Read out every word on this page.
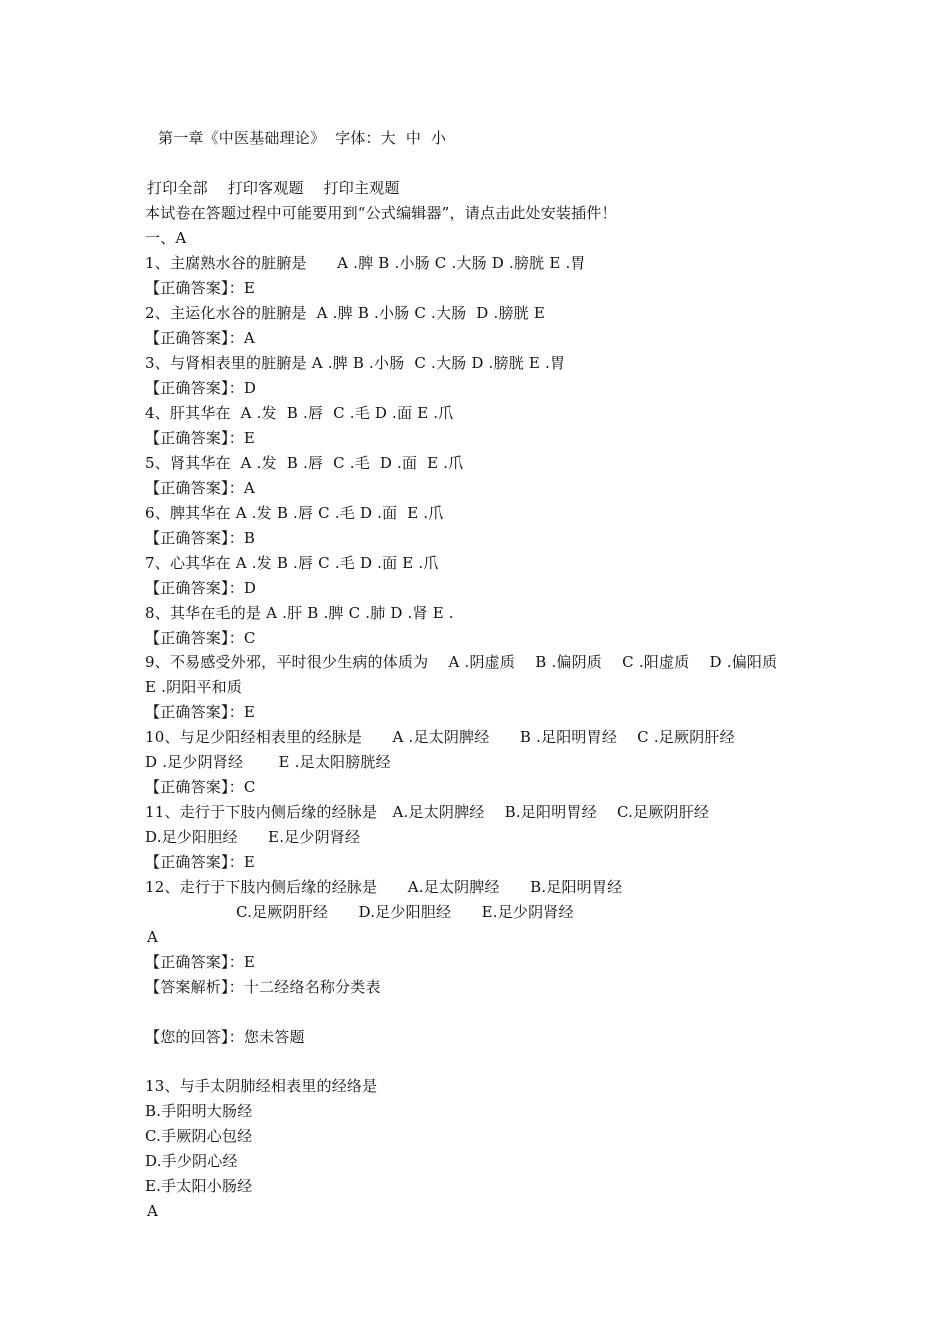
第一章《中医基础理论》 字体：大 中 小
打印全部 打印客观题 打印主观题
本试卷在答题过程中可能要用到“公式编辑器”，请点击此处安装插件！
一、A
1、主腐熟水谷的脏腑是　　A .脾 B .小肠 C .大肠 D .膀胱 E .胃
【正确答案】：E
2、主运化水谷的脏腑是  A .脾 B .小肠 C .大肠  D .膀胱 E
【正确答案】：A
3、与肾相表里的脏腑是 A .脾 B .小肠  C .大肠 D .膀胱 E .胃
【正确答案】：D
4、肝其华在  A .发  B .唇  C .毛 D .面 E .爪
【正确答案】：E
5、肾其华在  A .发  B .唇  C .毛  D .面  E .爪
【正确答案】：A
6、脾其华在 A .发 B .唇 C .毛 D .面  E .爪
【正确答案】：B
7、心其华在 A .发 B .唇 C .毛 D .面 E .爪
【正确答案】：D
8、其华在毛的是 A .肝 B .脾 C .肺 D .肾 E .
【正确答案】：C
9、不易感受外邪，平时很少生病的体质为　 A .阴虚质　 B .偏阴质　 C .阳虚质　 D .偏阳质
E .阴阳平和质
【正确答案】：E
10、与足少阳经相表里的经脉是　　A .足太阴脾经　　B .足阳明胃经　 C .足厥阴肝经
D .足少阴肾经　　 E .足太阳膀胱经
【正确答案】：C
11、走行于下肢内侧后缘的经脉是　A.足太阴脾经　 B.足阳明胃经　 C.足厥阴肝经
D.足少阳胆经　　E.足少阴肾经
【正确答案】：E
12、走行于下肢内侧后缘的经脉是　　A.足太阴脾经　　B.足阳明胃经
C.足厥阴肝经　　D.足少阳胆经　　E.足少阴肾经
A
【正确答案】：E
【答案解析】：十二经络名称分类表
【您的回答】：您未答题
13、与手太阴肺经相表里的经络是
B.手阳明大肠经
C.手厥阴心包经
D.手少阴心经
E.手太阳小肠经
A
